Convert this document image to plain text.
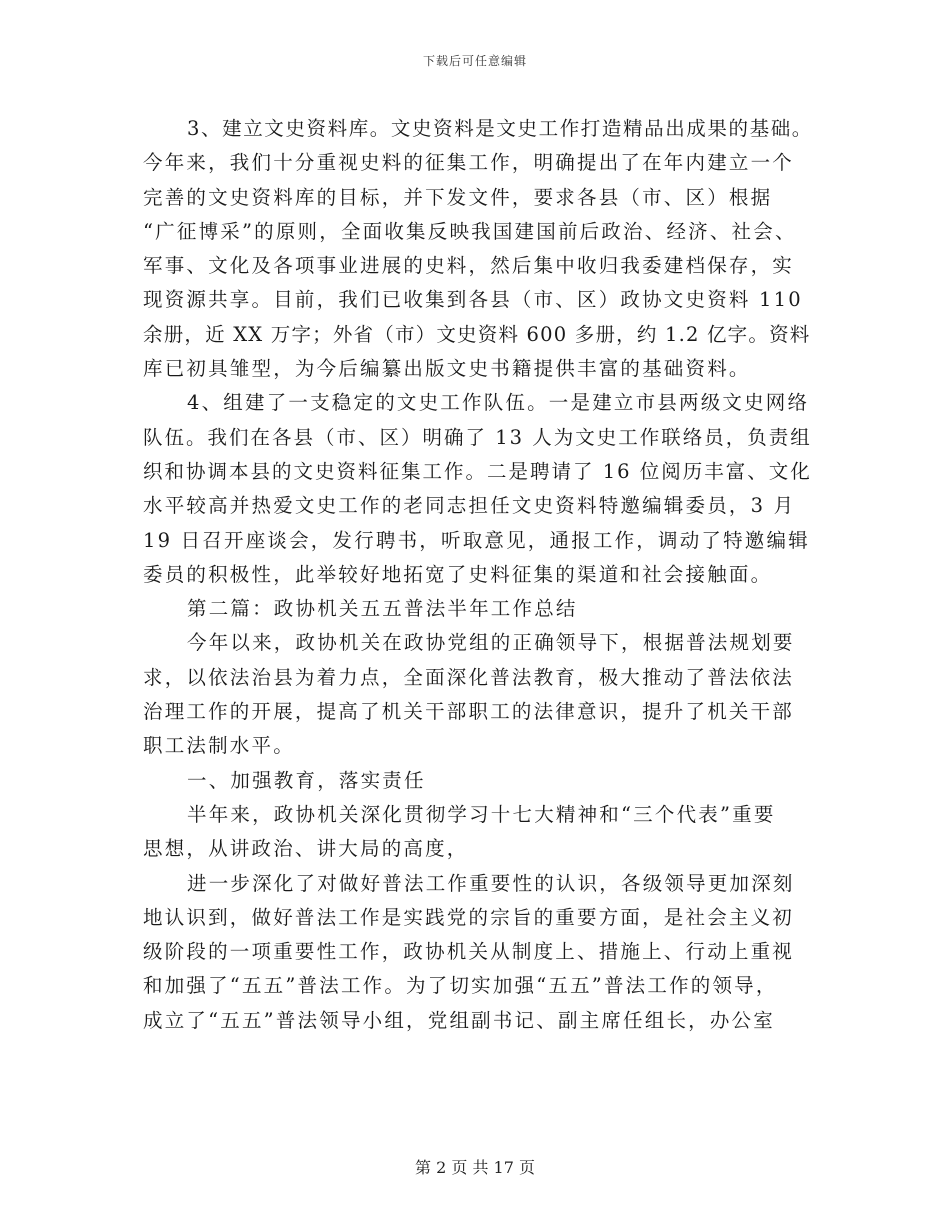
下载后可任意编辑
3、建立文史资料库。文史资料是文史工作打造精品出成果的基础。
今年来，我们十分重视史料的征集工作，明确提出了在年内建立一个
完善的文史资料库的目标，并下发文件，要求各县（市、区）根据
“广征博采”的原则，全面收集反映我国建国前后政治、经济、社会、
军事、文化及各项事业进展的史料，然后集中收归我委建档保存，实
现资源共享。目前，我们已收集到各县（市、区）政协文史资料 110
余册，近 XX 万字；外省（市）文史资料 600 多册，约 1.2 亿字。资料
库已初具雏型，为今后编纂出版文史书籍提供丰富的基础资料。
4、组建了一支稳定的文史工作队伍。一是建立市县两级文史网络
队伍。我们在各县（市、区）明确了 13 人为文史工作联络员，负责组
织和协调本县的文史资料征集工作。二是聘请了 16 位阅历丰富、文化
水平较高并热爱文史工作的老同志担任文史资料特邀编辑委员，3 月
19 日召开座谈会，发行聘书，听取意见，通报工作，调动了特邀编辑
委员的积极性，此举较好地拓宽了史料征集的渠道和社会接触面。
第二篇：政协机关五五普法半年工作总结
今年以来，政协机关在政协党组的正确领导下，根据普法规划要
求，以依法治县为着力点，全面深化普法教育，极大推动了普法依法
治理工作的开展，提高了机关干部职工的法律意识，提升了机关干部
职工法制水平。
一、加强教育，落实责任
半年来，政协机关深化贯彻学习十七大精神和“三个代表”重要
思想，从讲政治、讲大局的高度，
进一步深化了对做好普法工作重要性的认识，各级领导更加深刻
地认识到，做好普法工作是实践党的宗旨的重要方面，是社会主义初
级阶段的一项重要性工作，政协机关从制度上、措施上、行动上重视
和加强了“五五”普法工作。为了切实加强“五五”普法工作的领导，
成立了“五五”普法领导小组，党组副书记、副主席任组长，办公室
第 2 页 共 17 页
